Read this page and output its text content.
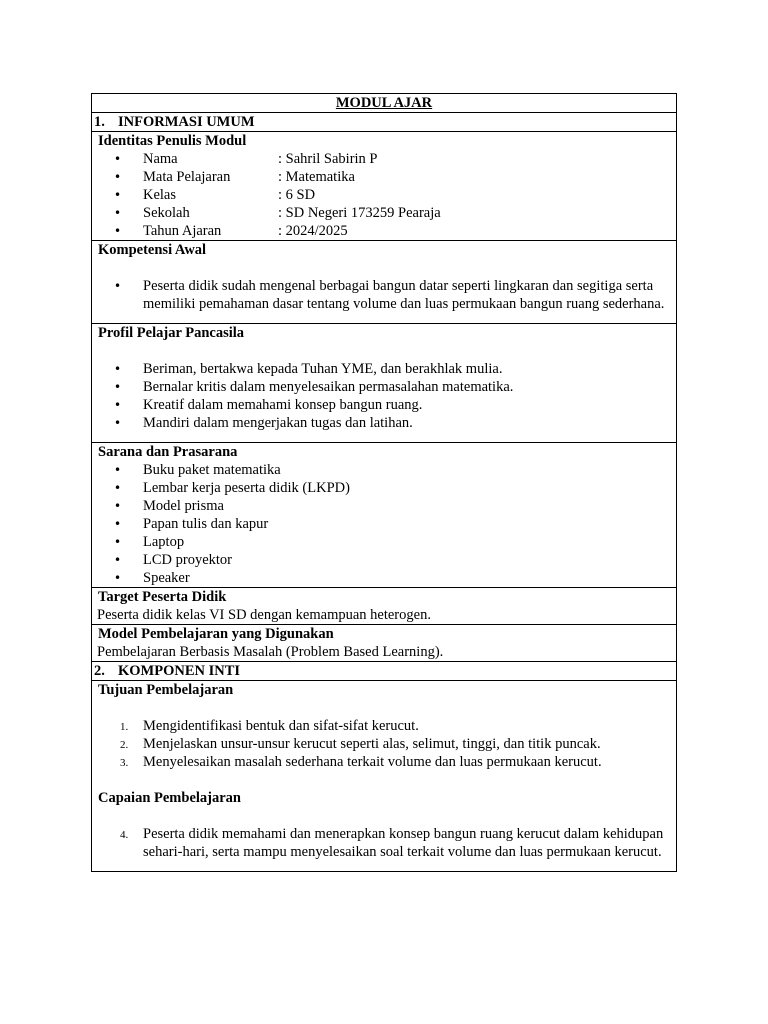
MODUL AJAR
1. INFORMASI UMUM

Identitas Penulis Modul
• Nama	: Sahril Sabirin P
• Mata Pelajaran	: Matematika
• Kelas	: 6 SD
• Sekolah	: SD Negeri 173259 Pearaja
• Tahun Ajaran	: 2024/2025

Kompetensi Awal
• Peserta didik sudah mengenal berbagai bangun datar seperti lingkaran dan segitiga serta memiliki pemahaman dasar tentang volume dan luas permukaan bangun ruang sederhana.

Profil Pelajar Pancasila
• Beriman, bertakwa kepada Tuhan YME, dan berakhlak mulia.
• Bernalar kritis dalam menyelesaikan permasalahan matematika.
• Kreatif dalam memahami konsep bangun ruang.
• Mandiri dalam mengerjakan tugas dan latihan.

Sarana dan Prasarana
• Buku paket matematika
• Lembar kerja peserta didik (LKPD)
• Model prisma
• Papan tulis dan kapur
• Laptop
• LCD proyektor
• Speaker

Target Peserta Didik
Peserta didik kelas VI SD dengan kemampuan heterogen.

Model Pembelajaran yang Digunakan
Pembelajaran Berbasis Masalah (Problem Based Learning).

2. KOMPONEN INTI

Tujuan Pembelajaran
1. Mengidentifikasi bentuk dan sifat-sifat kerucut.
2. Menjelaskan unsur-unsur kerucut seperti alas, selimut, tinggi, dan titik puncak.
3. Menyelesaikan masalah sederhana terkait volume dan luas permukaan kerucut.
Capaian Pembelajaran
4. Peserta didik memahami dan menerapkan konsep bangun ruang kerucut dalam kehidupan sehari-hari, serta mampu menyelesaikan soal terkait volume dan luas permukaan kerucut.
